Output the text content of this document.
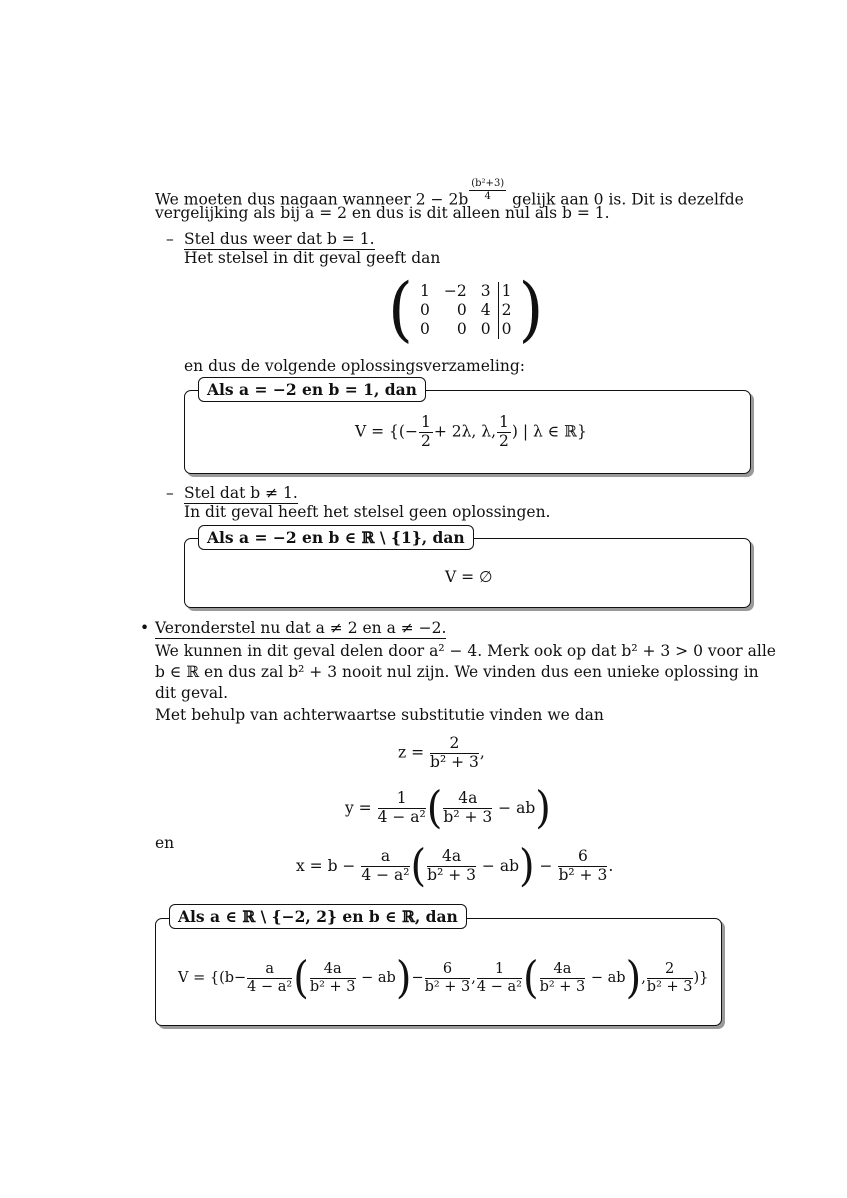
We moeten dus nagaan wanneer $2 - 2b \frac{\text{(b²+3)}}{4}$ gelijk aan 0 is. Dit is dezelfde
vergelijking als bij a = 2 en dus is dit alleen nul als b = 1.
– Stel dus weer dat b = 1.
Het stelsel in dit geval geeft dan
( 1	−2	3	1
0	0	4	2
0	0	0	0 )
en dus de volgende oplossingsverzameling:
Als a = −2 en b = 1, dan
V = {(− $\frac{1}{2} + 2\lambda$, λ, $\frac{1}{2}$ ) | λ ∈ ℝ}
– Stel dat b ≠ 1.
In dit geval heeft het stelsel geen oplossingen.
Als a = −2 en b ∈ ℝ \ {1}, dan
V = ∅
• Veronderstel nu dat a ≠ 2 en a ≠ −2.
We kunnen in dit geval delen door a² − 4. Merk ook op dat b² + 3 > 0 voor alle
b ∈ ℝ en dus zal b² + 3 nooit nul zijn. We vinden dus een unieke oplossing in
dit geval.
Met behulp van achterwaartse substitutie vinden we dan
$z = \frac{2}{\text{b² + 3}}$ ,
y =
$\frac{1}{\text{4 − a²}}$ ( $\frac{4a}{\text{b² + 3}}$
− ab )
en
x = b −
$\frac{a}{\text{4 − a²}}$ ( $\frac{4a}{\text{b² + 3}}$
− ab )
−
$\frac{6}{\text{b² + 3}}$ .
Als a ∈ ℝ \ {−2, 2} en b ∈ ℝ, dan
$V = \{(b- \frac{a}{\text{4 − a²}}$ ( $\frac{4a}{\text{b² + 3}}$
− ab ) − $\frac{6}{\text{b² + 3}}$ , $\frac{1}{\text{4 − a²}}$ ( $\frac{4a}{\text{b² + 3}}$
− ab ) , $\frac{2}{\text{b² + 3}}$ )}
